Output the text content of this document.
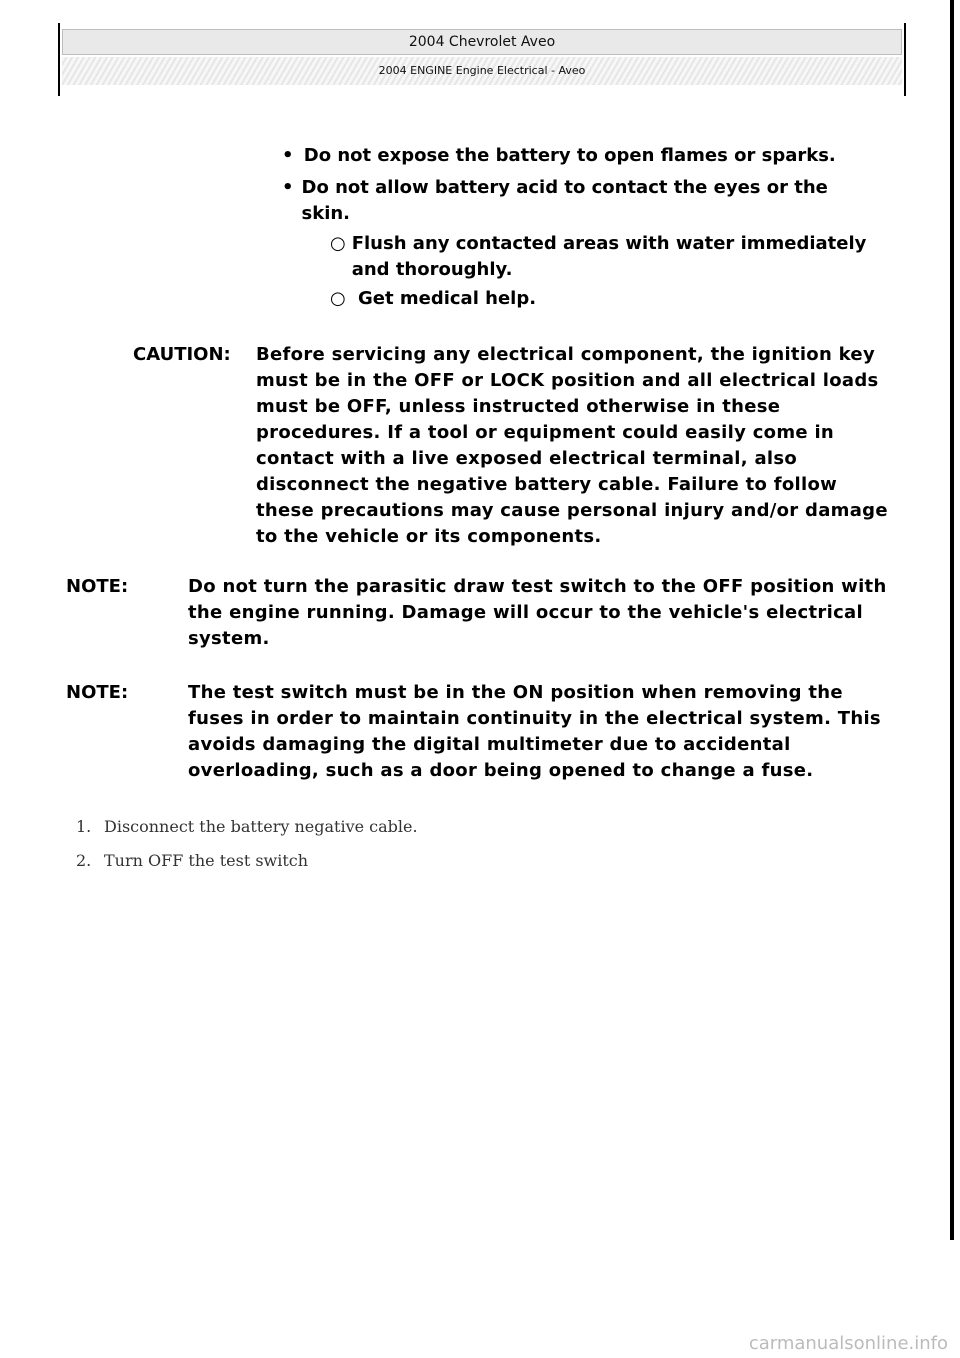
2004 Chevrolet Aveo
2004 ENGINE Engine Electrical - Aveo
• Do not expose the battery to open flames or sparks.
• Do not allow battery acid to contact the eyes or the skin.
○ Flush any contacted areas with water immediately and thoroughly.
○ Get medical help.
CAUTION: Before servicing any electrical component, the ignition key must be in the OFF or LOCK position and all electrical loads must be OFF, unless instructed otherwise in these procedures. If a tool or equipment could easily come in contact with a live exposed electrical terminal, also disconnect the negative battery cable. Failure to follow these precautions may cause personal injury and/or damage to the vehicle or its components.
NOTE:	Do not turn the parasitic draw test switch to the OFF position with the engine running. Damage will occur to the vehicle's electrical system.
NOTE:	The test switch must be in the ON position when removing the fuses in order to maintain continuity in the electrical system. This avoids damaging the digital multimeter due to accidental overloading, such as a door being opened to change a fuse.
1. Disconnect the battery negative cable.
2. Turn OFF the test switch
carmanualsonline.info
